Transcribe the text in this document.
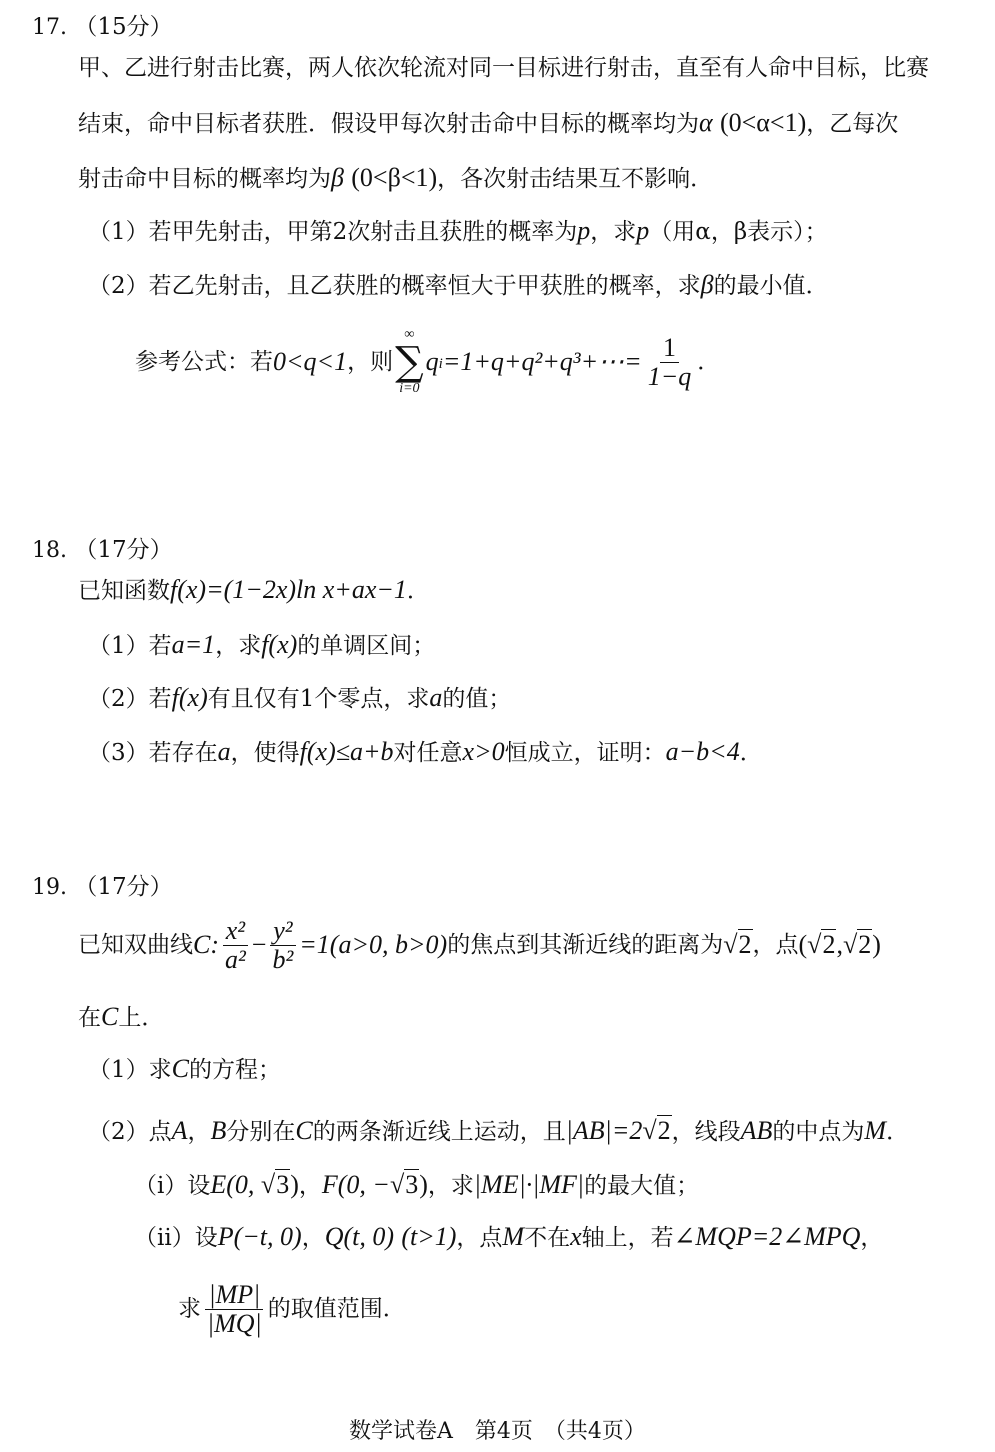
17. （15分）
甲、乙进行射击比赛，两人依次轮流对同一目标进行射击，直至有人命中目标，比赛
结束，命中目标者获胜．假设甲每次射击命中目标的概率均为α (0<α<1)，乙每次
射击命中目标的概率均为β (0<β<1)，各次射击结果互不影响．
（1）若甲先射击，甲第2次射击且获胜的概率为p，求p（用α，β表示）；
（2）若乙先射击，且乙获胜的概率恒大于甲获胜的概率，求β的最小值．
参考公式：若 0<q<1 ，则
∞
∑
i=0
q i =1+q+q²+q³+⋯= $\frac{1}{1-q}$ ．
18. （17分）
已知函数f(x)=(1−2x)ln x+ax−1．
（1）若a=1，求f(x)的单调区间；
（2）若f(x)有且仅有1个零点，求a的值；
（3）若存在a，使得f(x)≤a+b对任意x>0恒成立，证明：a−b<4．
19. （17分）
已知双曲线 C: $\frac{\text{x²}}{\text{a²}} - \frac{\text{y²}}{\text{b²}} =1(a>0$, b>0) 的焦点到其渐近线的距离为 √2 ，点 ( √2 , √2 )
在C上．
（1）求C的方程；
（2）点A，B分别在C的两条渐近线上运动，且|AB|=2√2，线段AB的中点为M．
（i）设E(0, √3)，F(0, −√3)，求|ME|·|MF|的最大值；
（ii）设P(−t, 0)，Q(t, 0) (t>1)，点M不在x轴上，若∠MQP=2∠MPQ，
求 $\frac{|MP|}{|MQ|}$ 的取值范围．
数学试卷A　第4页　（共4页）
